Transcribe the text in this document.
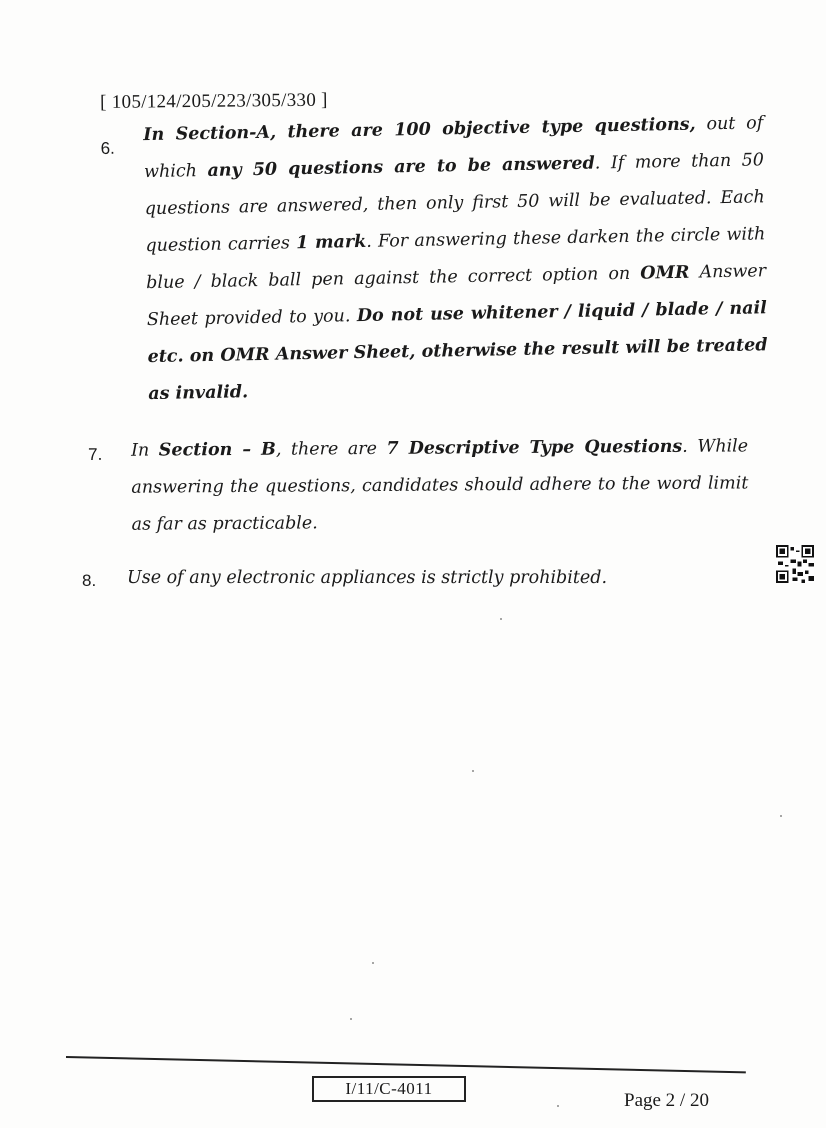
[ 105/124/205/223/305/330 ]
6.
In Section-A, there are 100 objective type questions, out of which any 50 questions are to be answered. If more than 50 questions are answered, then only first 50 will be evaluated. Each question carries 1 mark. For answering these darken the circle with blue / black ball pen against the correct option on OMR Answer Sheet provided to you. Do not use whitener / liquid / blade / nail etc. on OMR Answer Sheet, otherwise the result will be treated as invalid.
7. In Section – B, there are 7 Descriptive Type Questions. While answering the questions, candidates should adhere to the word limit as far as practicable.
8. Use of any electronic appliances is strictly prohibited.
I/11/C-4011
Page 2 / 20
